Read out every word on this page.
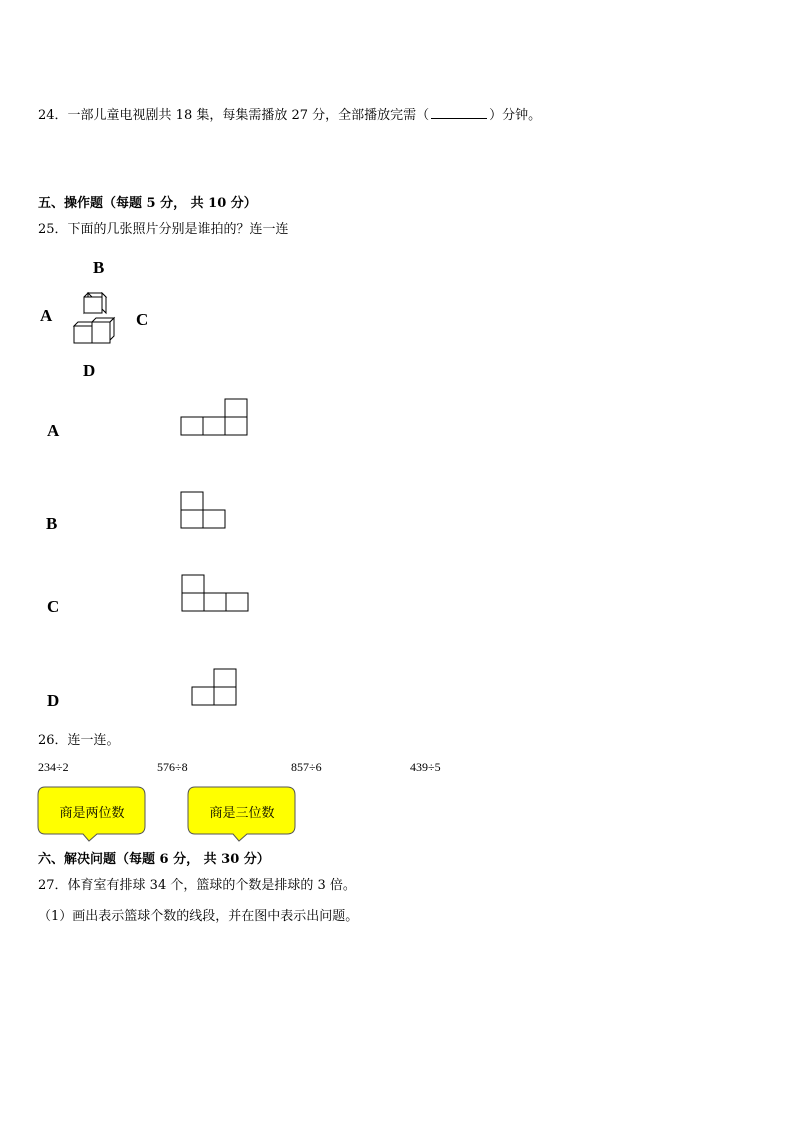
24．一部儿童电视剧共 18 集，每集需播放 27 分，全部播放完需（	）分钟。
五、操作题（每题 5 分， 共 10 分）
25．下面的几张照片分别是谁拍的？连一连
B
A	C
D
A
B
C
D
26．连一连。
234÷2	576÷8	857÷6	439÷5
商是两位数	商是三位数
六、解决问题（每题 6 分， 共 30 分）
27．体育室有排球 34 个，篮球的个数是排球的 3 倍。
（1）画出表示篮球个数的线段，并在图中表示出问题。
